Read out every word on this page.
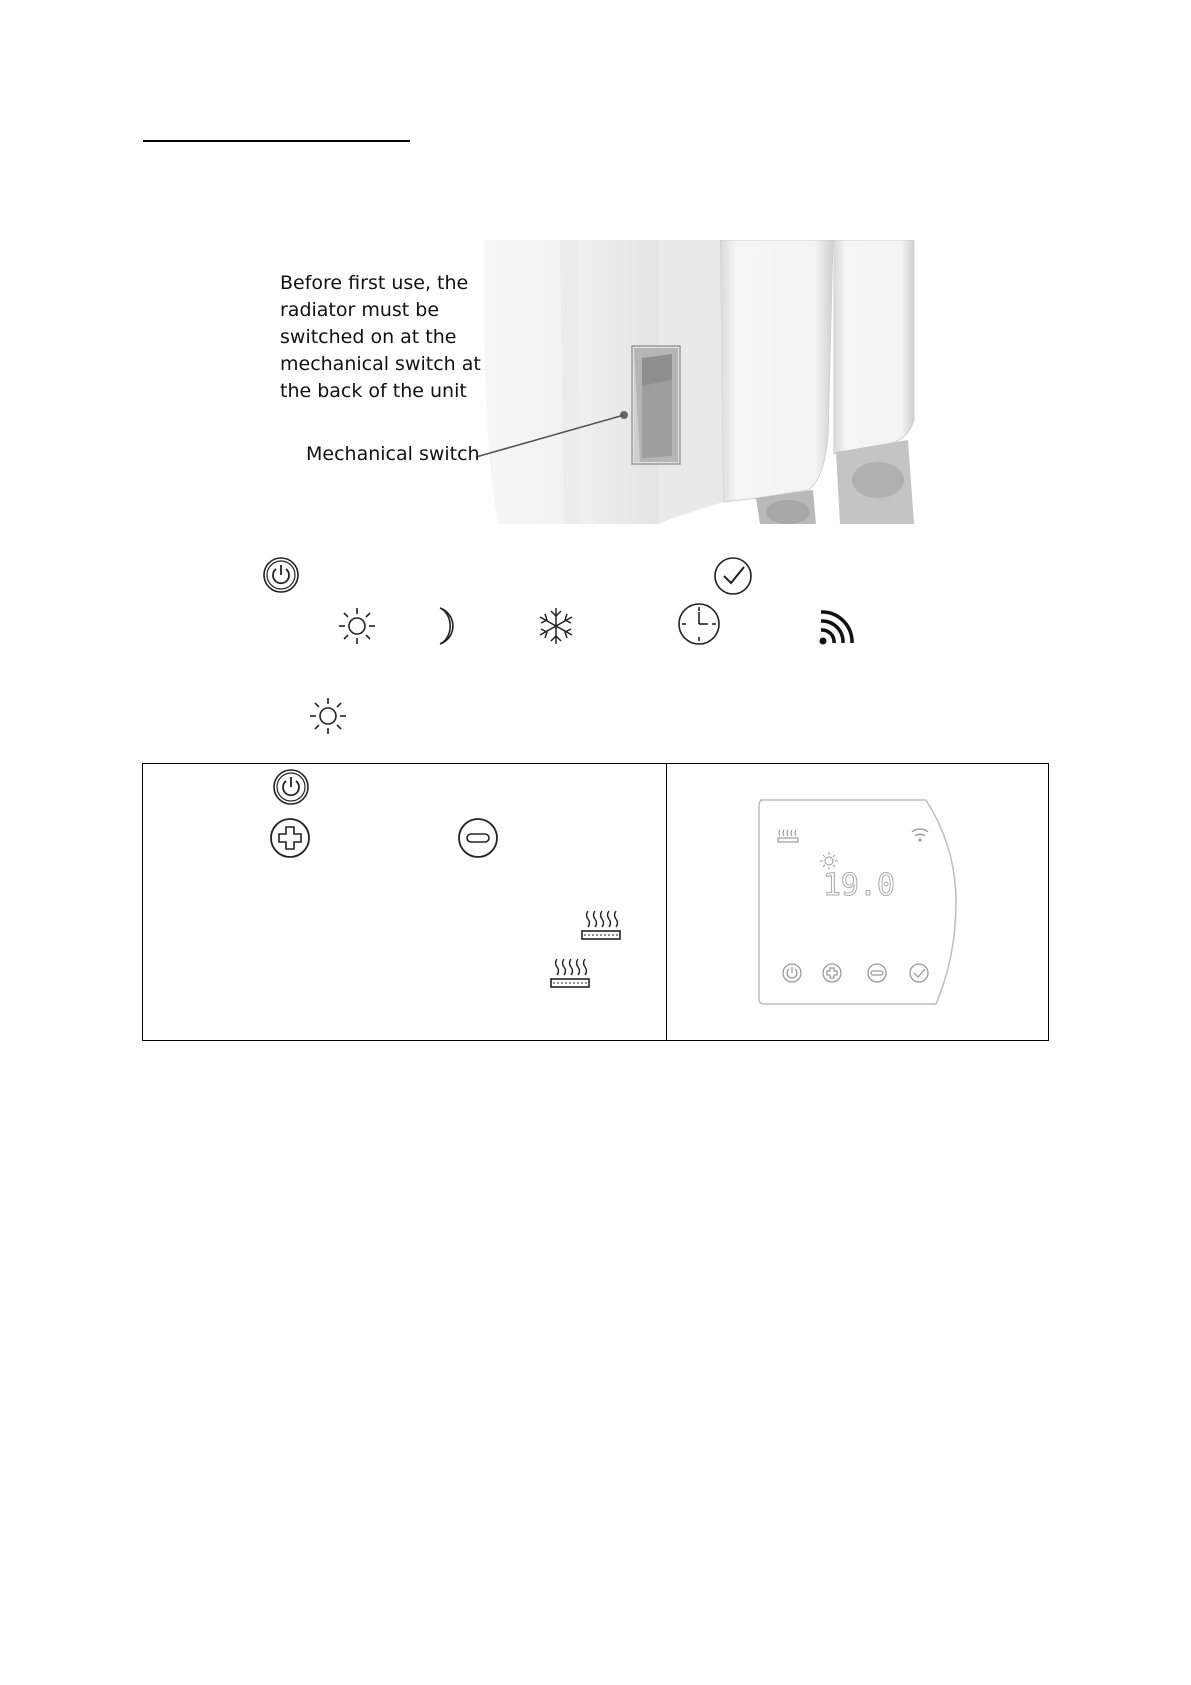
Before first use, the
radiator must be
switched on at the
mechanical switch at
the back of the unit
Mechanical switch
19.0
